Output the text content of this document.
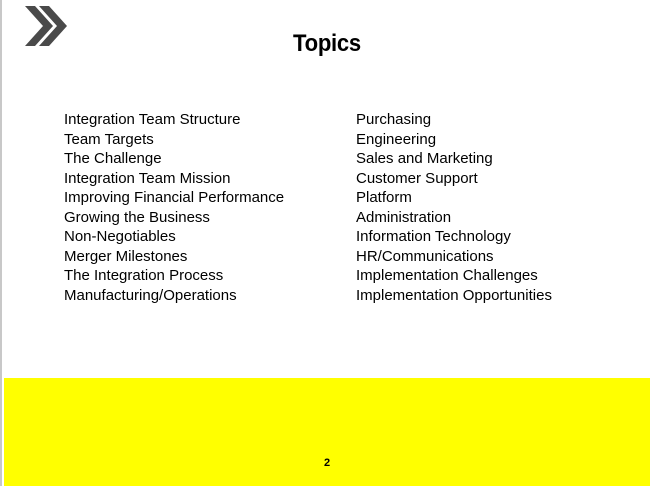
Topics
Integration Team Structure
Team Targets
The Challenge
Integration Team Mission
Improving Financial Performance
Growing the Business
Non-Negotiables
Merger Milestones
The Integration Process
Manufacturing/Operations
Purchasing
Engineering
Sales and Marketing
Customer Support
Platform
Administration
Information Technology
HR/Communications
Implementation Challenges
Implementation Opportunities
2
